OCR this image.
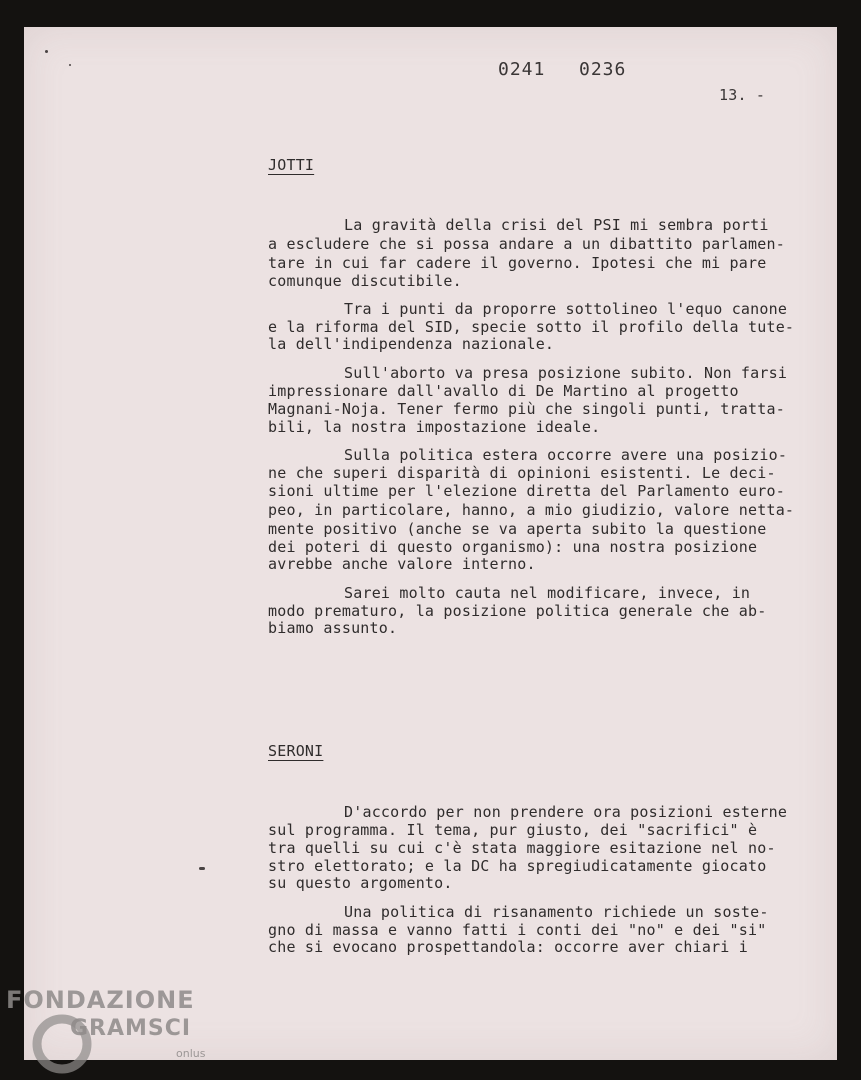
0241 0236
13. -
JOTTI
La gravità della crisi del PSI mi sembra porti
a escludere che si possa andare a un dibattito parlamen-
tare in cui far cadere il governo. Ipotesi che mi pare
comunque discutibile.
Tra i punti da proporre sottolineo l'equo canone
e la riforma del SID, specie sotto il profilo della tute-
la dell'indipendenza nazionale.
Sull'aborto va presa posizione subito. Non farsi
impressionare dall'avallo di De Martino al progetto
Magnani-Noja. Tener fermo più che singoli punti, tratta-
bili, la nostra impostazione ideale.
Sulla politica estera occorre avere una posizio-
ne che superi disparità di opinioni esistenti. Le deci-
sioni ultime per l'elezione diretta del Parlamento euro-
peo, in particolare, hanno, a mio giudizio, valore netta-
mente positivo (anche se va aperta subito la questione
dei poteri di questo organismo): una nostra posizione
avrebbe anche valore interno.
Sarei molto cauta nel modificare, invece, in
modo prematuro, la posizione politica generale che ab-
biamo assunto.
SERONI
D'accordo per non prendere ora posizioni esterne
sul programma. Il tema, pur giusto, dei "sacrifici" è
tra quelli su cui c'è stata maggiore esitazione nel no-
stro elettorato; e la DC ha spregiudicatamente giocato
su questo argomento.
Una politica di risanamento richiede un soste-
gno di massa e vanno fatti i conti dei "no" e dei "si"
che si evocano prospettandola: occorre aver chiari i
FONDAZIONE
GRAMSCI
onlus
